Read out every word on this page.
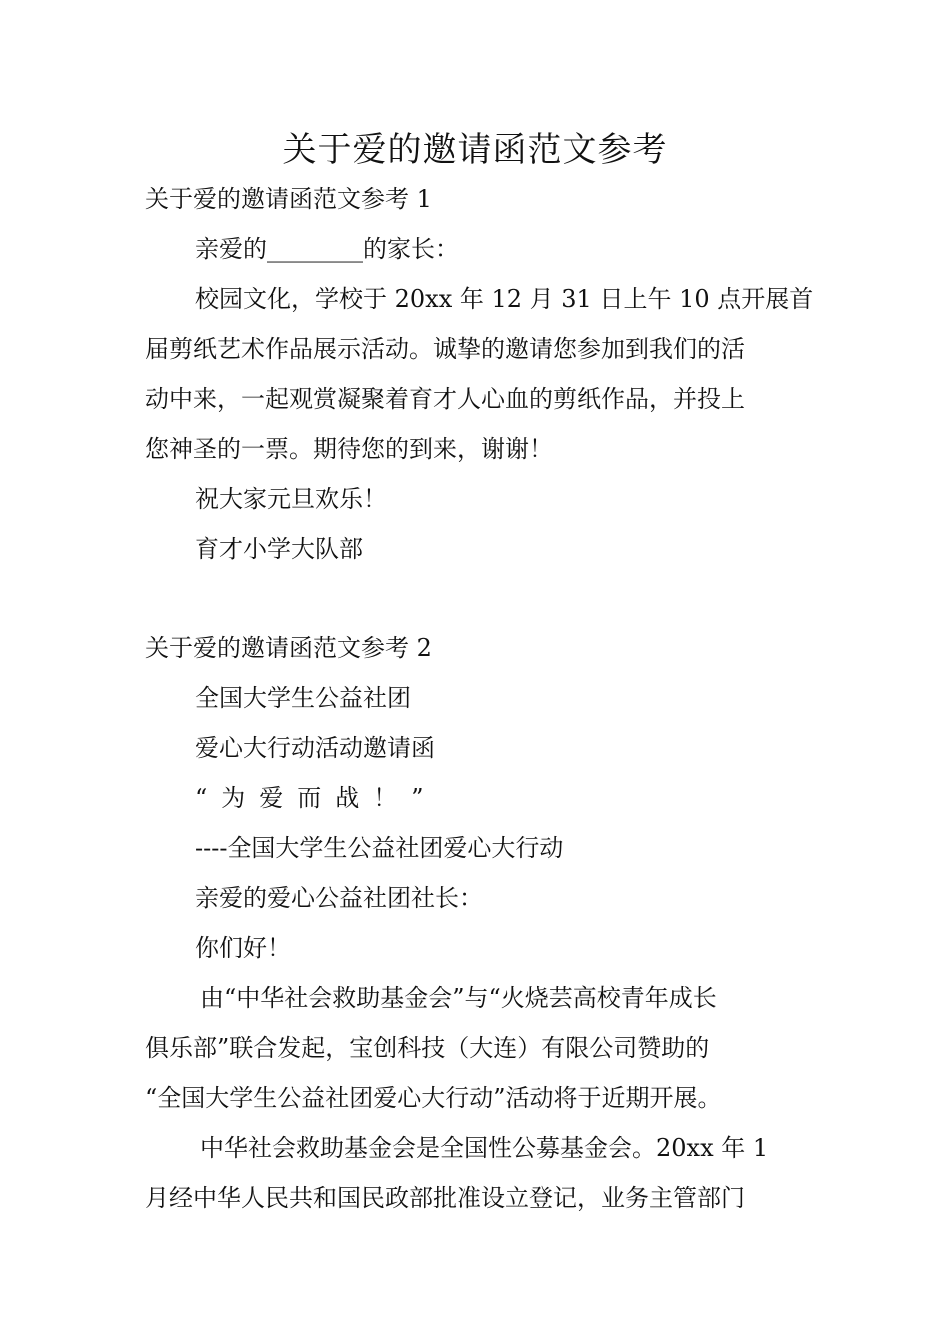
关于爱的邀请函范文参考
关于爱的邀请函范文参考 1
亲爱的________的家长：
校园文化，学校于 20xx 年 12 月 31 日上午 10 点开展首
届剪纸艺术作品展示活动。诚挚的邀请您参加到我们的活
动中来，一起观赏凝聚着育才人心血的剪纸作品，并投上
您神圣的一票。期待您的到来，谢谢！
祝大家元旦欢乐！
育才小学大队部
关于爱的邀请函范文参考 2
全国大学生公益社团
爱心大行动活动邀请函
“为爱而战！”
----全国大学生公益社团爱心大行动
亲爱的爱心公益社团社长：
你们好！
由“中华社会救助基金会”与“火烧芸高校青年成长
俱乐部”联合发起，宝创科技（大连）有限公司赞助的
“全国大学生公益社团爱心大行动”活动将于近期开展。
中华社会救助基金会是全国性公募基金会。20xx 年 1
月经中华人民共和国民政部批准设立登记，业务主管部门
